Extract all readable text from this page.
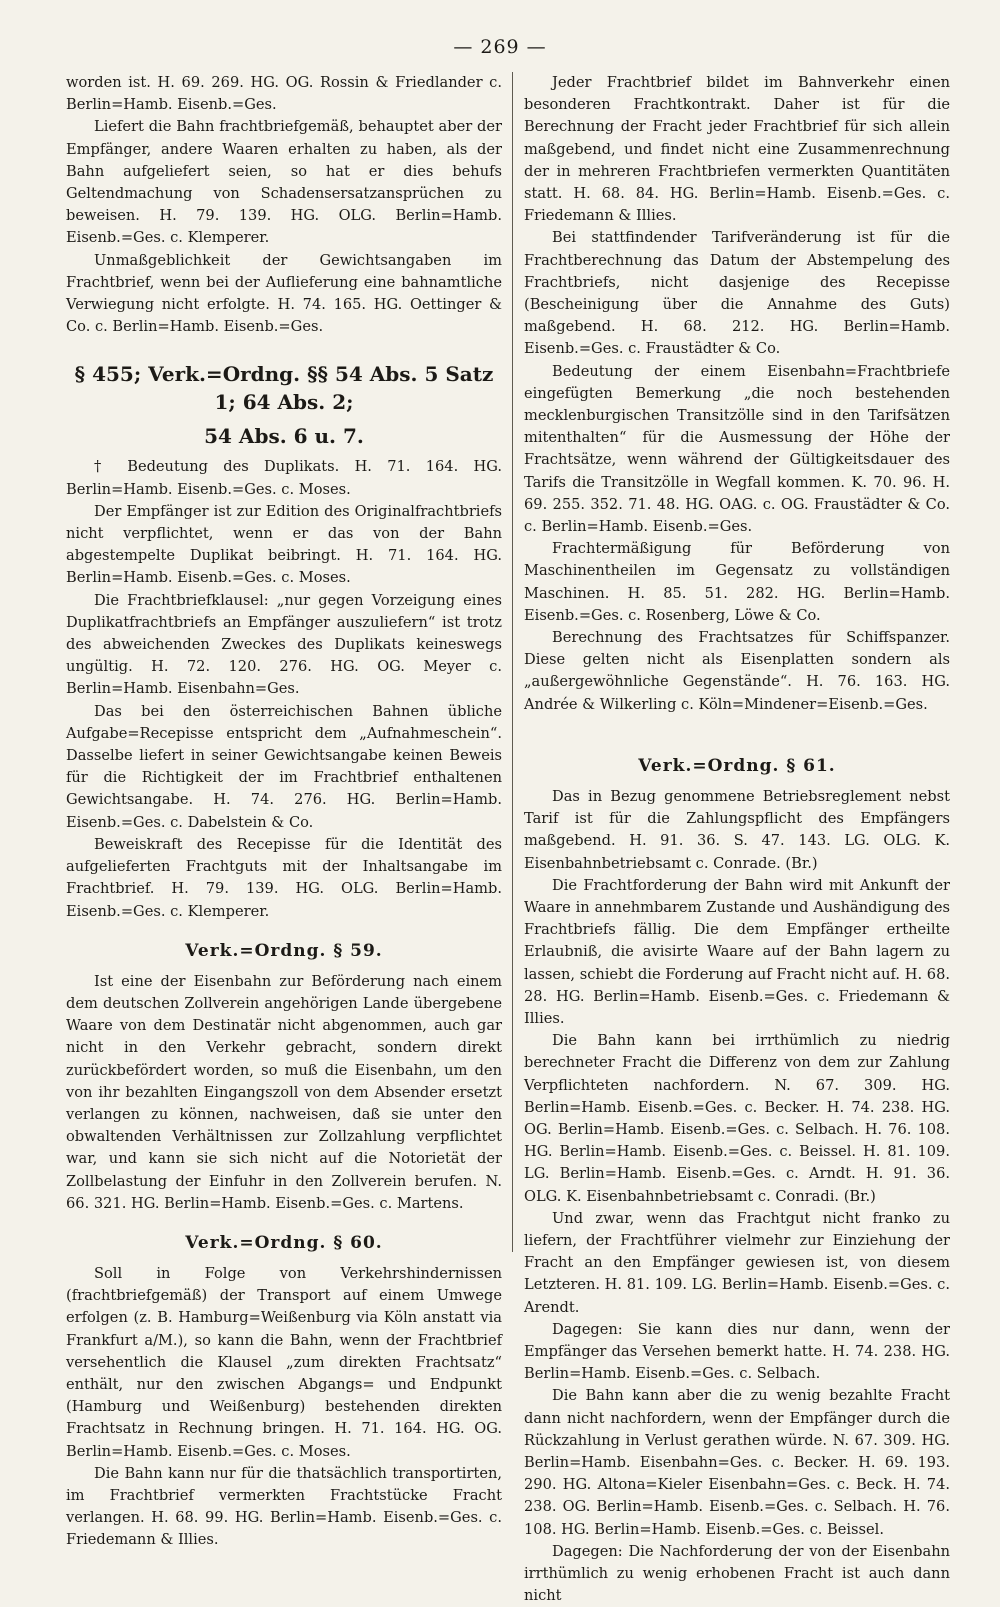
— 269 —

worden ist. H. 69. 269. HG. OG. Rossin & Friedlander c. Berlin=Hamb. Eisenb.=Ges.

Liefert die Bahn frachtbriefgemäß, behauptet aber der Empfänger, andere Waaren erhalten zu haben, als der Bahn aufgeliefert seien, so hat er dies behufs Geltendmachung von Schadensersatzansprüchen zu beweisen. H. 79. 139. HG. OLG. Berlin=Hamb. Eisenb.=Ges. c. Klemperer.

Unmaßgeblichkeit der Gewichtsangaben im Frachtbrief, wenn bei der Auflieferung eine bahnamtliche Verwiegung nicht erfolgte. H. 74. 165. HG. Oettinger & Co. c. Berlin=Hamb. Eisenb.=Ges.

§ 455; Verk.=Ordng. §§ 54 Abs. 5 Satz 1; 64 Abs. 2;
54 Abs. 6 u. 7.

† Bedeutung des Duplikats. H. 71. 164. HG. Berlin=Hamb. Eisenb.=Ges. c. Moses.

Der Empfänger ist zur Edition des Originalfrachtbriefs nicht verpflichtet, wenn er das von der Bahn abgestempelte Duplikat beibringt. H. 71. 164. HG. Berlin=Hamb. Eisenb.=Ges. c. Moses.

Die Frachtbriefklausel: „nur gegen Vorzeigung eines Duplikatfrachtbriefs an Empfänger auszuliefern“ ist trotz des abweichenden Zweckes des Duplikats keineswegs ungültig. H. 72. 120. 276. HG. OG. Meyer c. Berlin=Hamb. Eisenbahn=Ges.

Das bei den österreichischen Bahnen übliche Aufgabe=Recepisse entspricht dem „Aufnahmeschein“. Dasselbe liefert in seiner Gewichtsangabe keinen Beweis für die Richtigkeit der im Frachtbrief enthaltenen Gewichtsangabe. H. 74. 276. HG. Berlin=Hamb. Eisenb.=Ges. c. Dabelstein & Co.

Beweiskraft des Recepisse für die Identität des aufgelieferten Frachtguts mit der Inhaltsangabe im Frachtbrief. H. 79. 139. HG. OLG. Berlin=Hamb. Eisenb.=Ges. c. Klemperer.

Verk.=Ordng. § 59.

Ist eine der Eisenbahn zur Beförderung nach einem dem deutschen Zollverein angehörigen Lande übergebene Waare von dem Destinatär nicht abgenommen, auch gar nicht in den Verkehr gebracht, sondern direkt zurückbefördert worden, so muß die Eisenbahn, um den von ihr bezahlten Eingangszoll von dem Absender ersetzt verlangen zu können, nachweisen, daß sie unter den obwaltenden Verhältnissen zur Zollzahlung verpflichtet war, und kann sie sich nicht auf die Notorietät der Zollbelastung der Einfuhr in den Zollverein berufen. N. 66. 321. HG. Berlin=Hamb. Eisenb.=Ges. c. Martens.

Verk.=Ordng. § 60.

Soll in Folge von Verkehrshindernissen (frachtbriefgemäß) der Transport auf einem Umwege erfolgen (z. B. Hamburg=Weißenburg via Köln anstatt via Frankfurt a/M.), so kann die Bahn, wenn der Frachtbrief versehentlich die Klausel „zum direkten Frachtsatz“ enthält, nur den zwischen Abgangs= und Endpunkt (Hamburg und Weißenburg) bestehenden direkten Frachtsatz in Rechnung bringen. H. 71. 164. HG. OG. Berlin=Hamb. Eisenb.=Ges. c. Moses.

Die Bahn kann nur für die thatsächlich transportirten, im Frachtbrief vermerkten Frachtstücke Fracht verlangen. H. 68. 99. HG. Berlin=Hamb. Eisenb.=Ges. c. Friedemann & Illies.

Jeder Frachtbrief bildet im Bahnverkehr einen besonderen Frachtkontrakt. Daher ist für die Berechnung der Fracht jeder Frachtbrief für sich allein maßgebend, und findet nicht eine Zusammenrechnung der in mehreren Frachtbriefen vermerkten Quantitäten statt. H. 68. 84. HG. Berlin=Hamb. Eisenb.=Ges. c. Friedemann & Illies.

Bei stattfindender Tarifveränderung ist für die Frachtberechnung das Datum der Abstempelung des Frachtbriefs, nicht dasjenige des Recepisse (Bescheinigung über die Annahme des Guts) maßgebend. H. 68. 212. HG. Berlin=Hamb. Eisenb.=Ges. c. Fraustädter & Co.

Bedeutung der einem Eisenbahn=Frachtbriefe eingefügten Bemerkung „die noch bestehenden mecklenburgischen Transitzölle sind in den Tarifsätzen mitenthalten“ für die Ausmessung der Höhe der Frachtsätze, wenn während der Gültigkeitsdauer des Tarifs die Transitzölle in Wegfall kommen. K. 70. 96. H. 69. 255. 352. 71. 48. HG. OAG. c. OG. Fraustädter & Co. c. Berlin=Hamb. Eisenb.=Ges.

Frachtermäßigung für Beförderung von Maschinentheilen im Gegensatz zu vollständigen Maschinen. H. 85. 51. 282. HG. Berlin=Hamb. Eisenb.=Ges. c. Rosenberg, Löwe & Co.

Berechnung des Frachtsatzes für Schiffspanzer. Diese gelten nicht als Eisenplatten sondern als „außergewöhnliche Gegenstände“. H. 76. 163. HG. Andrée & Wilkerling c. Köln=Mindener=Eisenb.=Ges.

Verk.=Ordng. § 61.

Das in Bezug genommene Betriebsreglement nebst Tarif ist für die Zahlungspflicht des Empfängers maßgebend. H. 91. 36. S. 47. 143. LG. OLG. K. Eisenbahnbetriebsamt c. Conrade. (Br.)

Die Frachtforderung der Bahn wird mit Ankunft der Waare in annehmbarem Zustande und Aushändigung des Frachtbriefs fällig. Die dem Empfänger ertheilte Erlaubniß, die avisirte Waare auf der Bahn lagern zu lassen, schiebt die Forderung auf Fracht nicht auf. H. 68. 28. HG. Berlin=Hamb. Eisenb.=Ges. c. Friedemann & Illies.

Die Bahn kann bei irrthümlich zu niedrig berechneter Fracht die Differenz von dem zur Zahlung Verpflichteten nachfordern. N. 67. 309. HG. Berlin=Hamb. Eisenb.=Ges. c. Becker. H. 74. 238. HG. OG. Berlin=Hamb. Eisenb.=Ges. c. Selbach. H. 76. 108. HG. Berlin=Hamb. Eisenb.=Ges. c. Beissel. H. 81. 109. LG. Berlin=Hamb. Eisenb.=Ges. c. Arndt. H. 91. 36. OLG. K. Eisenbahnbetriebsamt c. Conradi. (Br.)

Und zwar, wenn das Frachtgut nicht franko zu liefern, der Frachtführer vielmehr zur Einziehung der Fracht an den Empfänger gewiesen ist, von diesem Letzteren. H. 81. 109. LG. Berlin=Hamb. Eisenb.=Ges. c. Arendt.

Dagegen: Sie kann dies nur dann, wenn der Empfänger das Versehen bemerkt hatte. H. 74. 238. HG. Berlin=Hamb. Eisenb.=Ges. c. Selbach.

Die Bahn kann aber die zu wenig bezahlte Fracht dann nicht nachfordern, wenn der Empfänger durch die Rückzahlung in Verlust gerathen würde. N. 67. 309. HG. Berlin=Hamb. Eisenbahn=Ges. c. Becker. H. 69. 193. 290. HG. Altona=Kieler Eisenbahn=Ges. c. Beck. H. 74. 238. OG. Berlin=Hamb. Eisenb.=Ges. c. Selbach. H. 76. 108. HG. Berlin=Hamb. Eisenb.=Ges. c. Beissel.

Dagegen: Die Nachforderung der von der Eisenbahn irrthümlich zu wenig erhobenen Fracht ist auch dann nicht
